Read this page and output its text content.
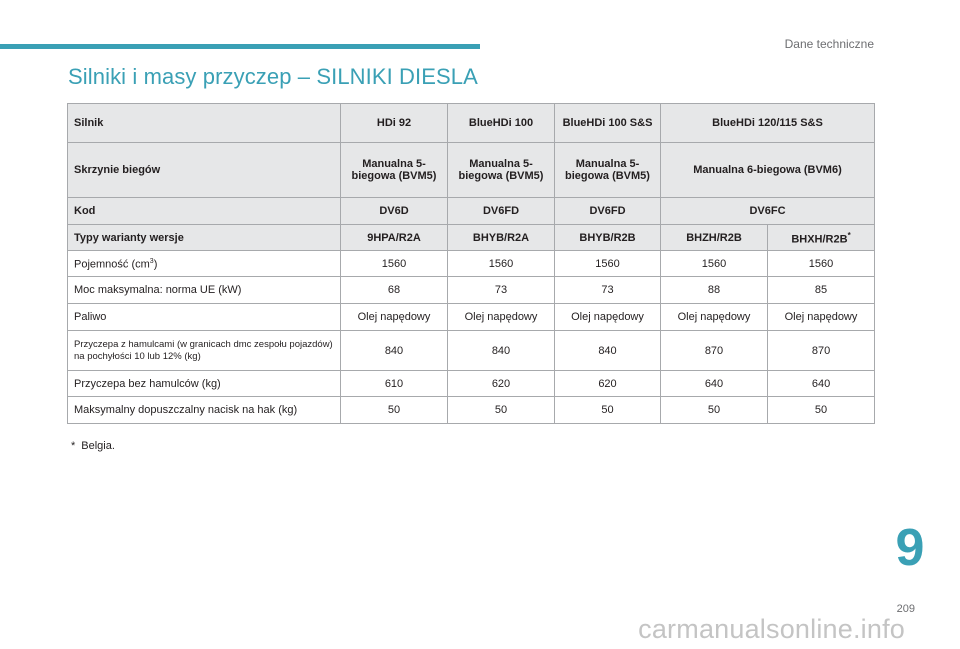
Dane techniczne
Silniki i masy przyczep – SILNIKI DIESLA
Silnik	HDi 92	BlueHDi 100	BlueHDi 100 S&S	BlueHDi 120/115 S&S	
Skrzynie biegów	Manualna 5-biegowa (BVM5)	Manualna 5-biegowa (BVM5)	Manualna 5-biegowa (BVM5)	Manualna 6-biegowa (BVM6)	
Kod	DV6D	DV6FD	DV6FD	DV6FC	
Typy warianty wersje	9HPA/R2A	BHYB/R2A	BHYB/R2B	BHZH/R2B	BHXH/R2B*
Pojemność $(cm^3)$	1560	1560	1560	1560	1560
Moc maksymalna: norma UE (kW)	68	73	73	88	85
Paliwo	Olej napędowy	Olej napędowy	Olej napędowy	Olej napędowy	Olej napędowy
Przyczepa z hamulcami (w granicach dmc zespołu pojazdów) na pochyłości 10 lub 12% (kg)	840	840	840	870	870
Przyczepa bez hamulców (kg)	610	620	620	640	640
Maksymalny dopuszczalny nacisk na hak (kg)	50	50	50	50	50
* Belgia.
9
209
carmanualsonline.info
